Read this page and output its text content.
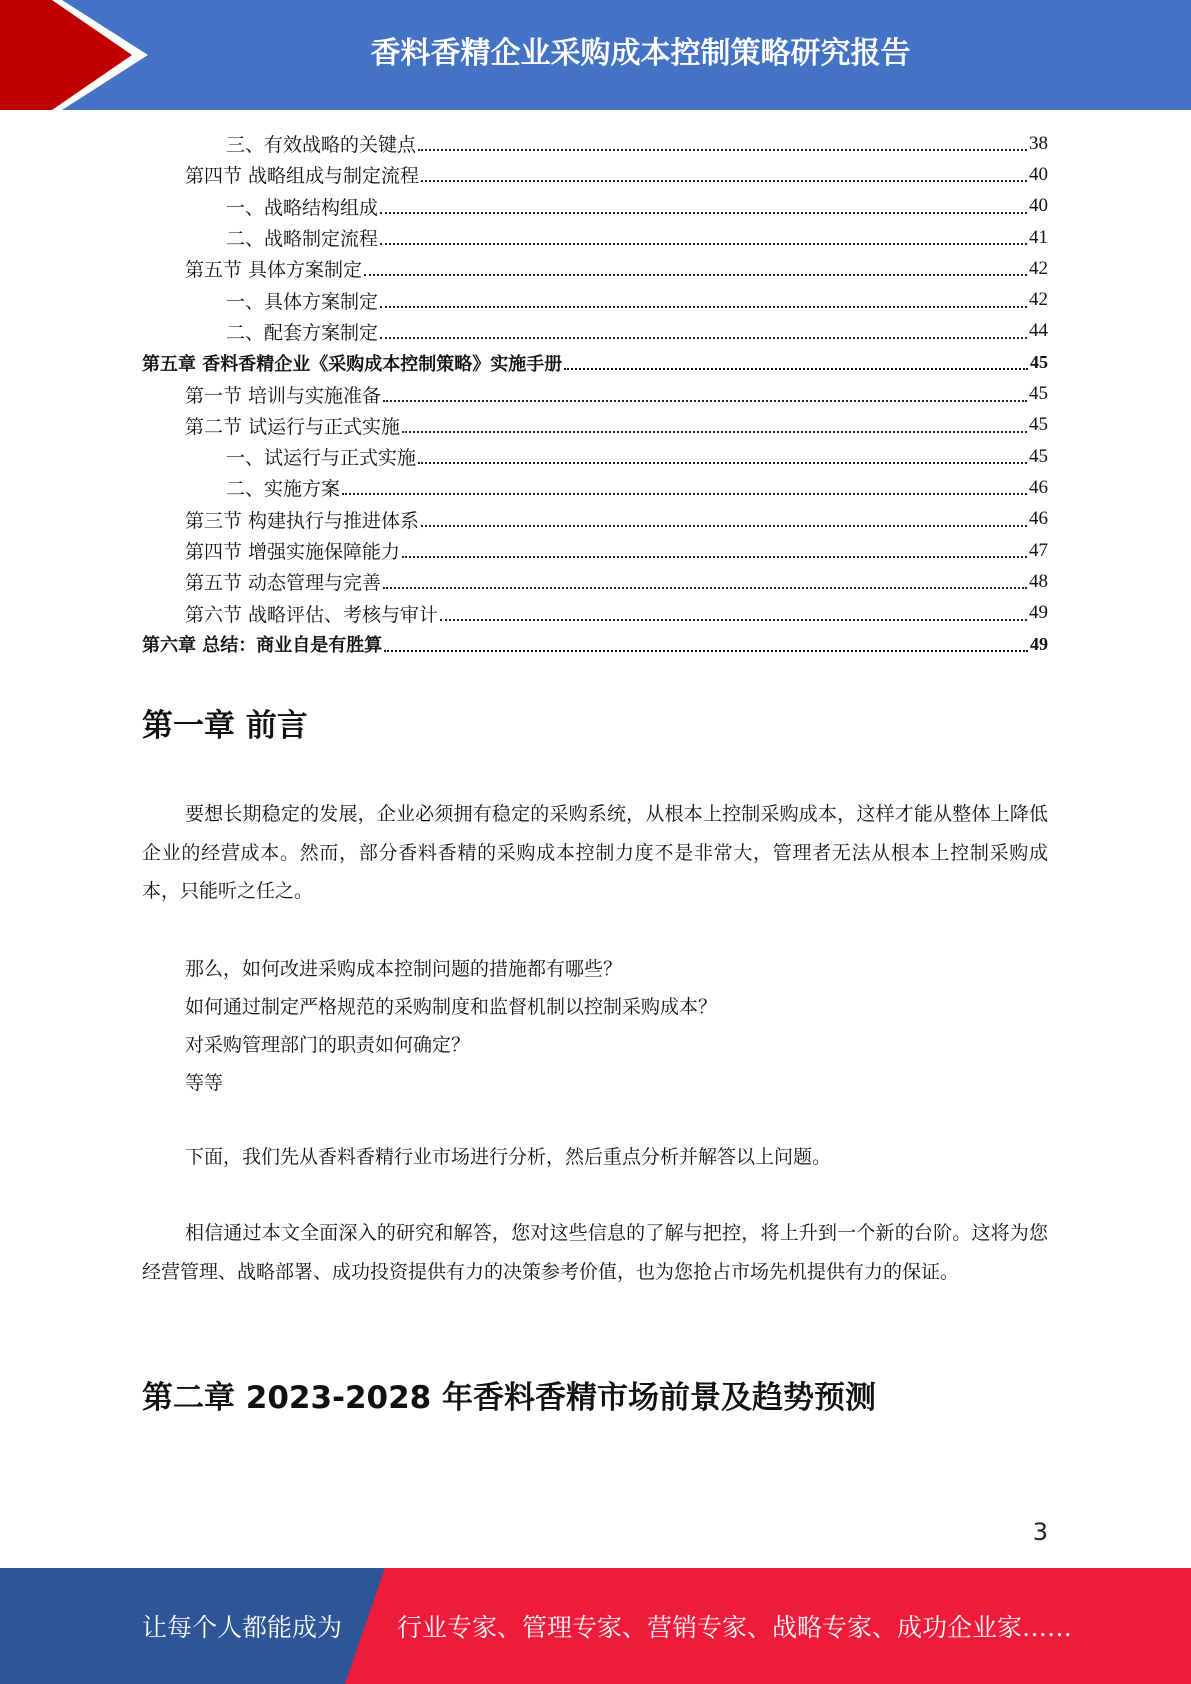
香料香精企业采购成本控制策略研究报告
三、有效战略的关键点	38
第四节 战略组成与制定流程	40
一、战略结构组成	40
二、战略制定流程	41
第五节 具体方案制定	42
一、具体方案制定	42
二、配套方案制定	44
第五章 香料香精企业《采购成本控制策略》实施手册	45
第一节 培训与实施准备	45
第二节 试运行与正式实施	45
一、试运行与正式实施	45
二、实施方案	46
第三节 构建执行与推进体系	46
第四节 增强实施保障能力	47
第五节 动态管理与完善	48
第六节 战略评估、考核与审计	49
第六章 总结：商业自是有胜算	49
第一章 前言

要想长期稳定的发展，企业必须拥有稳定的采购系统，从根本上控制采购成本，这样才能从整体上降低企业的经营成本。然而，部分香料香精的采购成本控制力度不是非常大，管理者无法从根本上控制采购成本，只能听之任之。

那么，如何改进采购成本控制问题的措施都有哪些？

如何通过制定严格规范的采购制度和监督机制以控制采购成本？

对采购管理部门的职责如何确定？

等等

下面，我们先从香料香精行业市场进行分析，然后重点分析并解答以上问题。

相信通过本文全面深入的研究和解答，您对这些信息的了解与把控，将上升到一个新的台阶。这将为您经营管理、战略部署、成功投资提供有力的决策参考价值，也为您抢占市场先机提供有力的保证。

第二章 2023-2028 年香料香精市场前景及趋势预测
3
让每个人都能成为 行业专家、管理专家、营销专家、战略专家、成功企业家……
